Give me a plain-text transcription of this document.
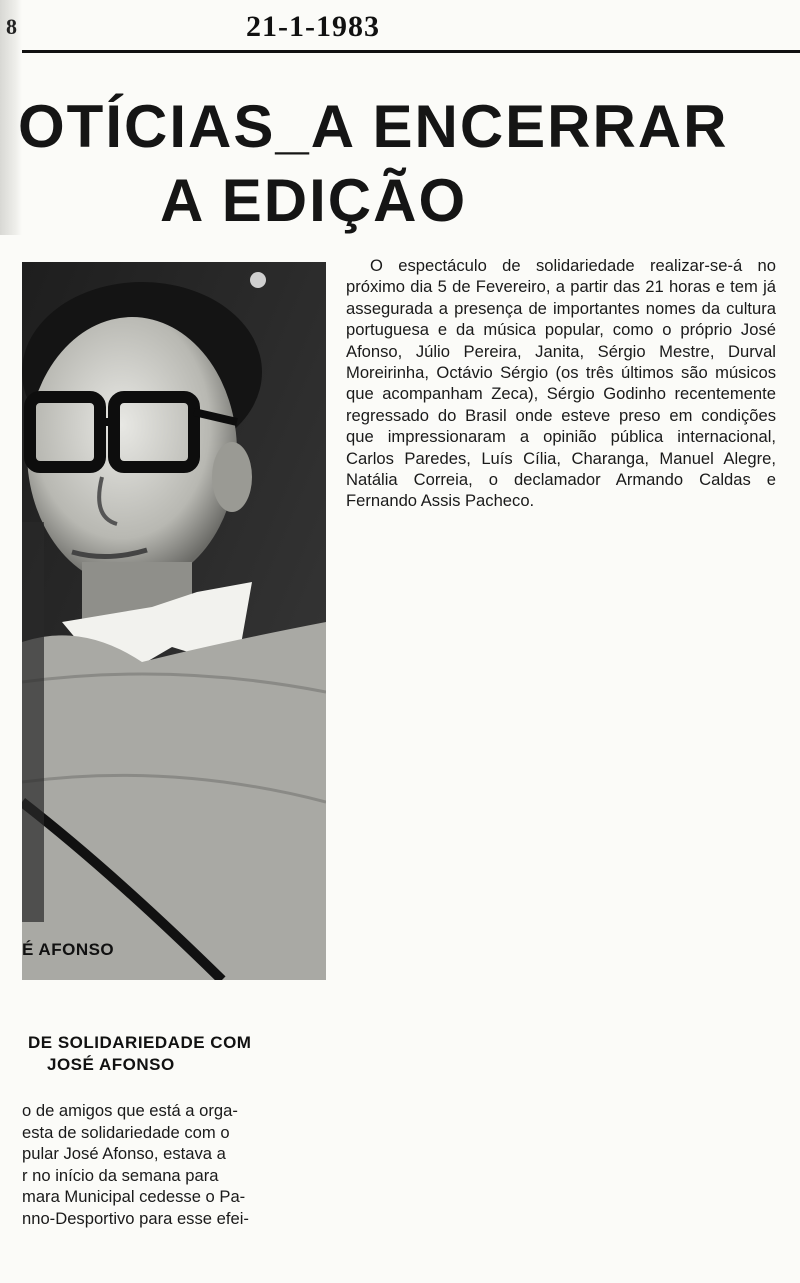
8	21-1-1983
OTÍCIAS_A ENCERRAR
A EDIÇÃO
É AFONSO

O espectáculo de solidariedade realizar-se-á no próximo dia 5 de Fevereiro, a partir das 21 horas e tem já assegurada a presença de importantes nomes da cultura portuguesa e da música popular, como o próprio José Afonso, Júlio Pereira, Janita, Sérgio Mestre, Durval Moreirinha, Octávio Sérgio (os três últimos são músicos que acompanham Zeca), Sérgio Godinho recentemente regressado do Brasil onde esteve preso em condições que impressionaram a opinião pública internacional, Carlos Paredes, Luís Cília, Charanga, Manuel Alegre, Natália Correia, o declamador Armando Caldas e Fernando Assis Pacheco.

DE SOLIDARIEDADE COM
JOSÉ AFONSO
o de amigos que está a orga-
esta de solidariedade com o
pular José Afonso, estava a
r no início da semana para
mara Municipal cedesse o Pa-
nno-Desportivo para esse efei-
